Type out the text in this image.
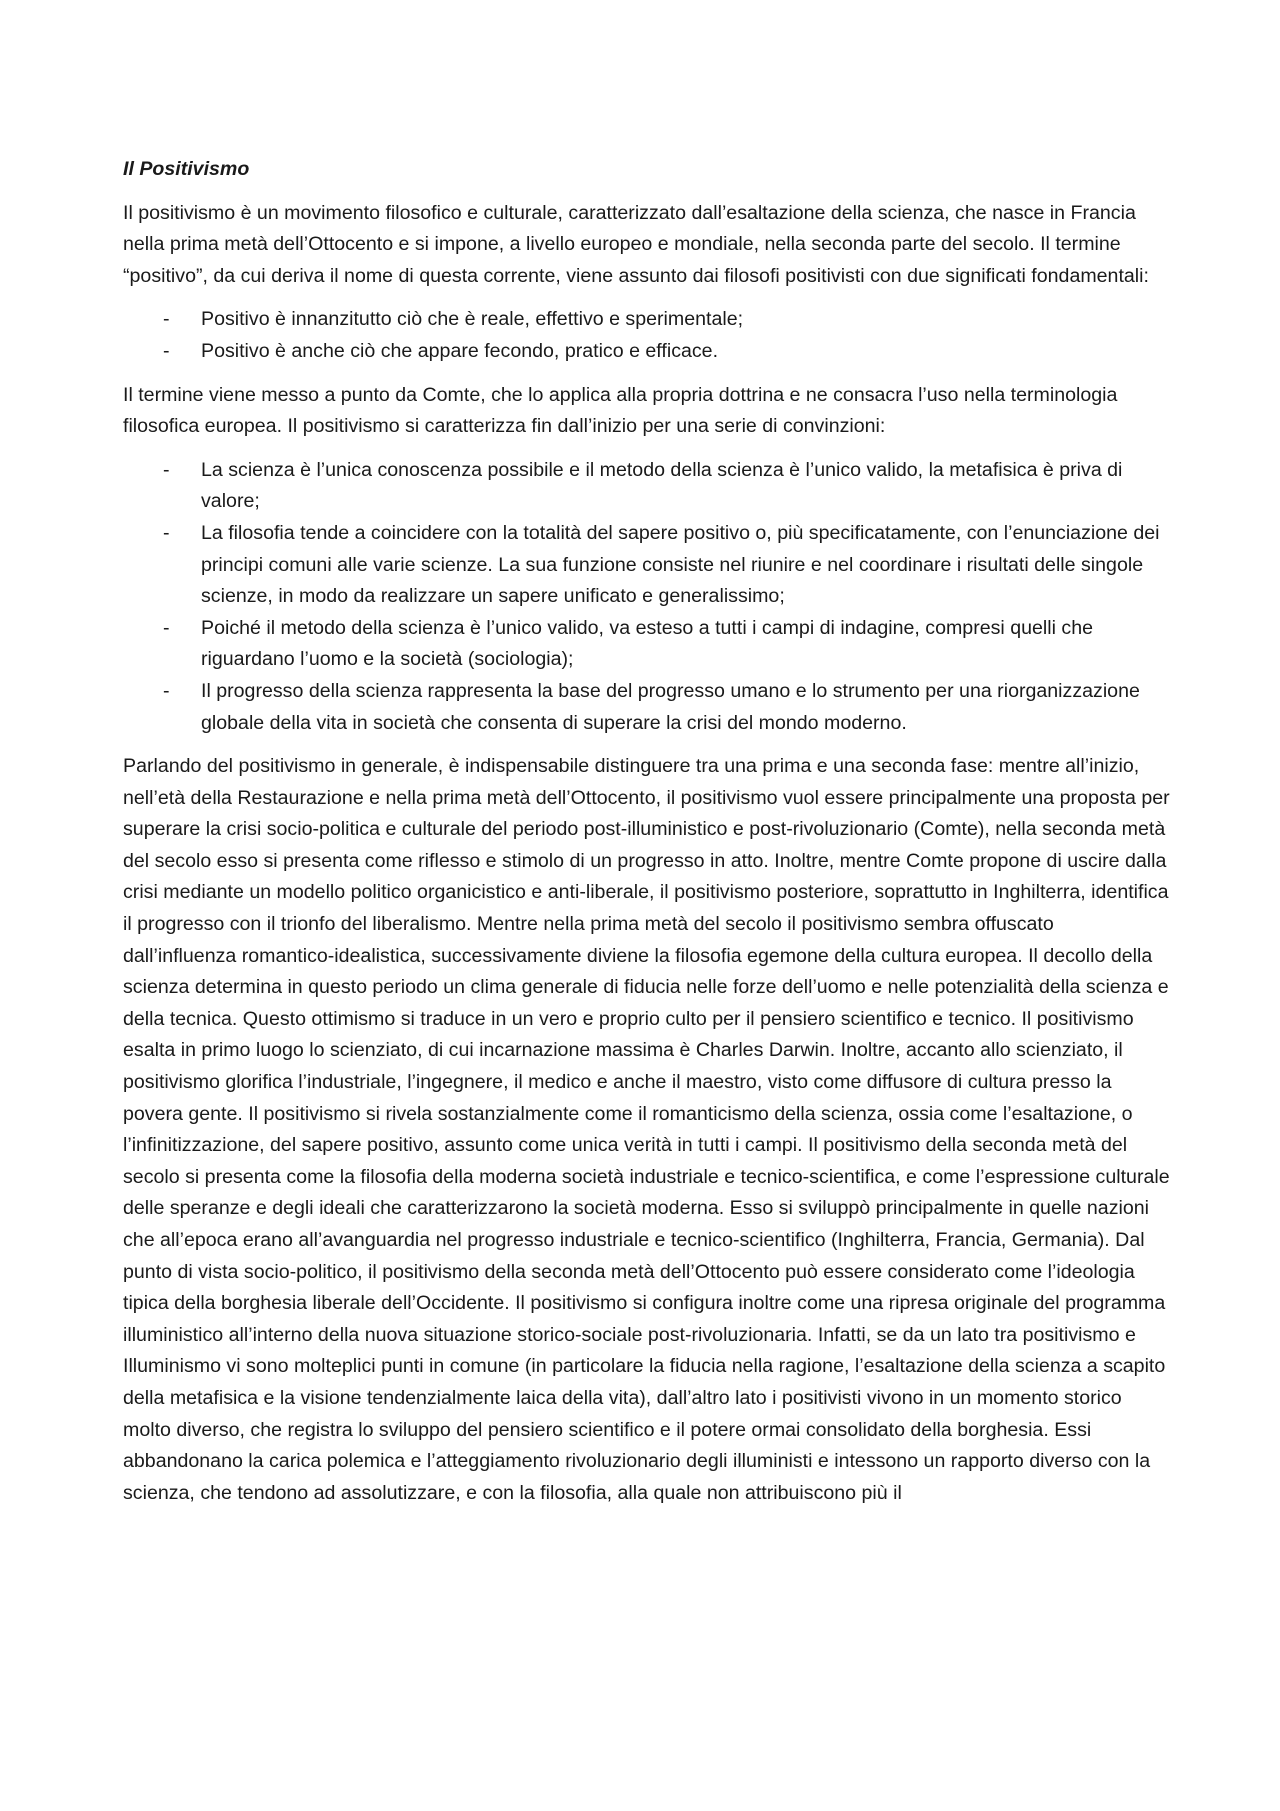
Il Positivismo

Il positivismo è un movimento filosofico e culturale, caratterizzato dall’esaltazione della scienza, che nasce in Francia nella prima metà dell’Ottocento e si impone, a livello europeo e mondiale, nella seconda parte del secolo. Il termine “positivo”, da cui deriva il nome di questa corrente, viene assunto dai filosofi positivisti con due significati fondamentali:

- Positivo è innanzitutto ciò che è reale, effettivo e sperimentale;
- Positivo è anche ciò che appare fecondo, pratico e efficace.

Il termine viene messo a punto da Comte, che lo applica alla propria dottrina e ne consacra l’uso nella terminologia filosofica europea. Il positivismo si caratterizza fin dall’inizio per una serie di convinzioni:

- La scienza è l’unica conoscenza possibile e il metodo della scienza è l’unico valido, la metafisica è priva di valore;
- La filosofia tende a coincidere con la totalità del sapere positivo o, più specificatamente, con l’enunciazione dei principi comuni alle varie scienze. La sua funzione consiste nel riunire e nel coordinare i risultati delle singole scienze, in modo da realizzare un sapere unificato e generalissimo;
- Poiché il metodo della scienza è l’unico valido, va esteso a tutti i campi di indagine, compresi quelli che riguardano l’uomo e la società (sociologia);
- Il progresso della scienza rappresenta la base del progresso umano e lo strumento per una riorganizzazione globale della vita in società che consenta di superare la crisi del mondo moderno.

Parlando del positivismo in generale, è indispensabile distinguere tra una prima e una seconda fase: mentre all’inizio, nell’età della Restaurazione e nella prima metà dell’Ottocento, il positivismo vuol essere principalmente una proposta per superare la crisi socio-politica e culturale del periodo post-illuministico e post-rivoluzionario (Comte), nella seconda metà del secolo esso si presenta come riflesso e stimolo di un progresso in atto. Inoltre, mentre Comte propone di uscire dalla crisi mediante un modello politico organicistico e anti-liberale, il positivismo posteriore, soprattutto in Inghilterra, identifica il progresso con il trionfo del liberalismo. Mentre nella prima metà del secolo il positivismo sembra offuscato dall’influenza romantico-idealistica, successivamente diviene la filosofia egemone della cultura europea. Il decollo della scienza determina in questo periodo un clima generale di fiducia nelle forze dell’uomo e nelle potenzialità della scienza e della tecnica. Questo ottimismo si traduce in un vero e proprio culto per il pensiero scientifico e tecnico. Il positivismo esalta in primo luogo lo scienziato, di cui incarnazione massima è Charles Darwin. Inoltre, accanto allo scienziato, il positivismo glorifica l’industriale, l’ingegnere, il medico e anche il maestro, visto come diffusore di cultura presso la povera gente. Il positivismo si rivela sostanzialmente come il romanticismo della scienza, ossia come l’esaltazione, o l’infinitizzazione, del sapere positivo, assunto come unica verità in tutti i campi. Il positivismo della seconda metà del secolo si presenta come la filosofia della moderna società industriale e tecnico-scientifica, e come l’espressione culturale delle speranze e degli ideali che caratterizzarono la società moderna. Esso si sviluppò principalmente in quelle nazioni che all’epoca erano all’avanguardia nel progresso industriale e tecnico-scientifico (Inghilterra, Francia, Germania). Dal punto di vista socio-politico, il positivismo della seconda metà dell’Ottocento può essere considerato come l’ideologia tipica della borghesia liberale dell’Occidente. Il positivismo si configura inoltre come una ripresa originale del programma illuministico all’interno della nuova situazione storico-sociale post-rivoluzionaria. Infatti, se da un lato tra positivismo e Illuminismo vi sono molteplici punti in comune (in particolare la fiducia nella ragione, l’esaltazione della scienza a scapito della metafisica e la visione tendenzialmente laica della vita), dall’altro lato i positivisti vivono in un momento storico molto diverso, che registra lo sviluppo del pensiero scientifico e il potere ormai consolidato della borghesia. Essi abbandonano la carica polemica e l’atteggiamento rivoluzionario degli illuministi e intessono un rapporto diverso con la scienza, che tendono ad assolutizzare, e con la filosofia, alla quale non attribuiscono più il
